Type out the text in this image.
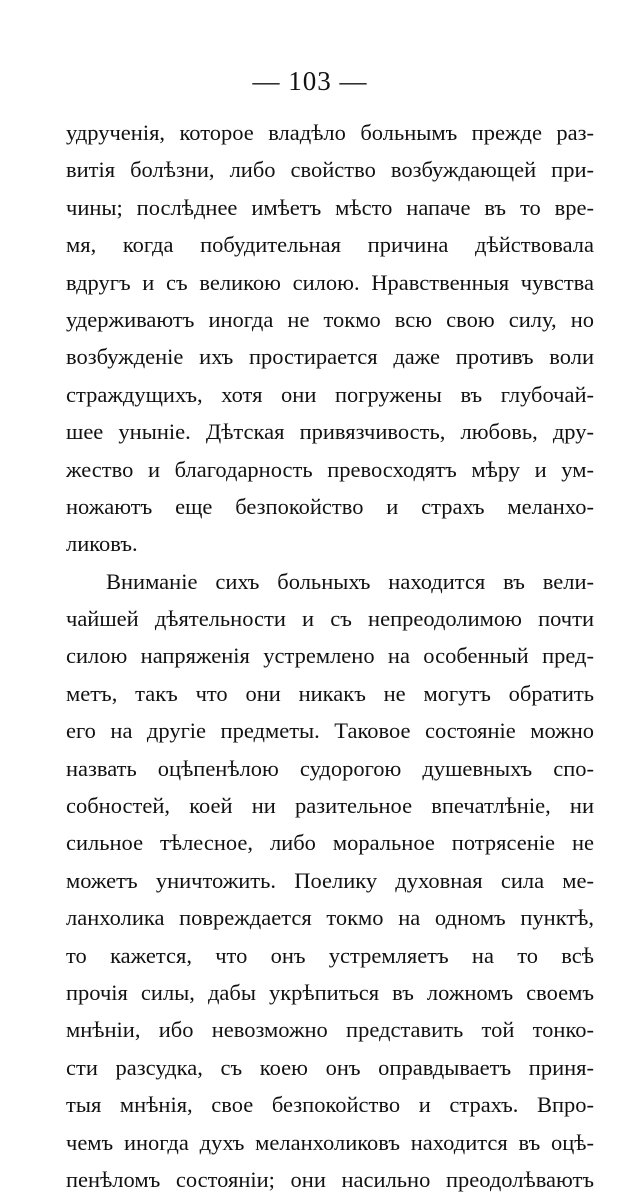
— 103 —
удрученія, которое владѣло больнымъ прежде раз-
витія болѣзни, либо свойство возбуждающей при-
чины; послѣднее имѣетъ мѣсто напаче въ то вре-
мя, когда побудительная причина дѣйствовала
вдругъ и съ великою силою. Нравственныя чувства
удерживаютъ иногда не токмо всю свою силу, но
возбужденіе ихъ простирается даже противъ воли
страждущихъ, хотя они погружены въ глубочай-
шее уныніе. Дѣтская привязчивость, любовь, дру-
жество и благодарность превосходятъ мѣру и ум-
ножаютъ еще безпокойство и страхъ меланхо-
ликовъ.
Вниманіе сихъ больныхъ находится въ вели-
чайшей дѣятельности и съ непреодолимою почти
силою напряженія устремлено на особенный пред-
метъ, такъ что они никакъ не могутъ обратить
его на другіе предметы. Таковое состояніе можно
назвать оцѣпенѣлою судорогою душевныхъ спо-
собностей, коей ни разительное впечатлѣніе, ни
сильное тѣлесное, либо моральное потрясеніе не
можетъ уничтожить. Поелику духовная сила ме-
ланхолика повреждается токмо на одномъ пунктѣ,
то кажется, что онъ устремляетъ на то всѣ
прочія силы, дабы укрѣпиться въ ложномъ своемъ
мнѣніи, ибо невозможно представить той тонко-
сти разсудка, съ коею онъ оправдываетъ приня-
тыя мнѣнія, свое безпокойство и страхъ. Впро-
чемъ иногда духъ меланхоликовъ находится въ оцѣ-
пенѣломъ состояніи; они насильно преодолѣваютъ
